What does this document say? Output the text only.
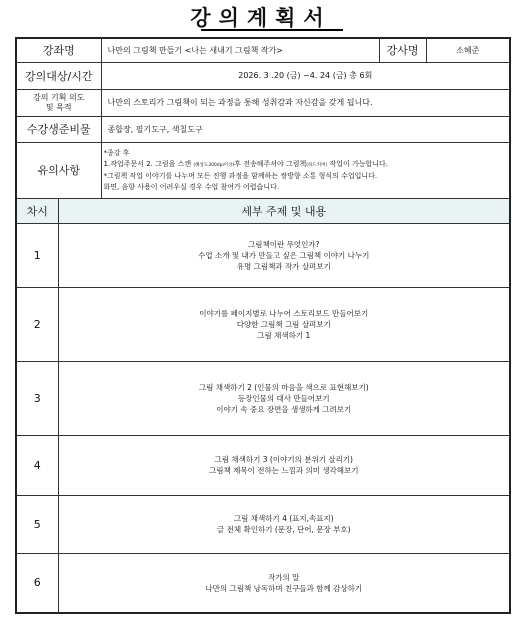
강의계획서
강좌명		나만의 그림책 만들기 <나는 새내기 그림책 작가>	강사명	소혜준
강의대상/시간		2026. 3 .20 (금) ~4. 24 (금) 총 6회		

강의 기획 의도
및 목적		나만의 스토리가 그림책이 되는 과정을 통해 성취감과 자신감을 갖게 됩니다.		
수강생준비물		종합장, 필기도구, 색칠도구		
유의사항		*종강 후
1.작업주문서 2. 그림을 스캔 (해상도300dpi이상)후 전송해주셔야 그림책(하드커버) 작업이 가능합니다.
*그림책 작업 이야기를 나누며 모든 진행 과정을 함께하는 쌍방향 소통 형식의 수업입니다.
화면, 음향 사용이 어려우실 경우 수업 참여가 어렵습니다.		

차시	세부 주제 및 내용			
1	그림책이란 무엇인가?
수업 소개 및 내가 만들고 싶은 그림책 이야기 나누기
유명 그림책과 작가 살펴보기			

2	이야기를 페이지별로 나누어 스토리보드 만들어보기
다양한 그림책 그림 살펴보기
그림 채색하기 1			

3	그림 채색하기 2 (인물의 마음을 색으로 표현해보기)
등장인물의 대사 만들어보기
이야기 속 중요 장면을 생생하게 그려보기			

4	그림 채색하기 3 (이야기의 분위기 살리기)
그림책 제목이 전하는 느낌과 의미 생각해보기			

5	그림 채색하기 4 (표지,속표지)
글 전체 확인하기 (문장, 단어, 문장 부호)			

6	작가의 말
나만의 그림책 낭독하며 친구들과 함께 감상하기			
